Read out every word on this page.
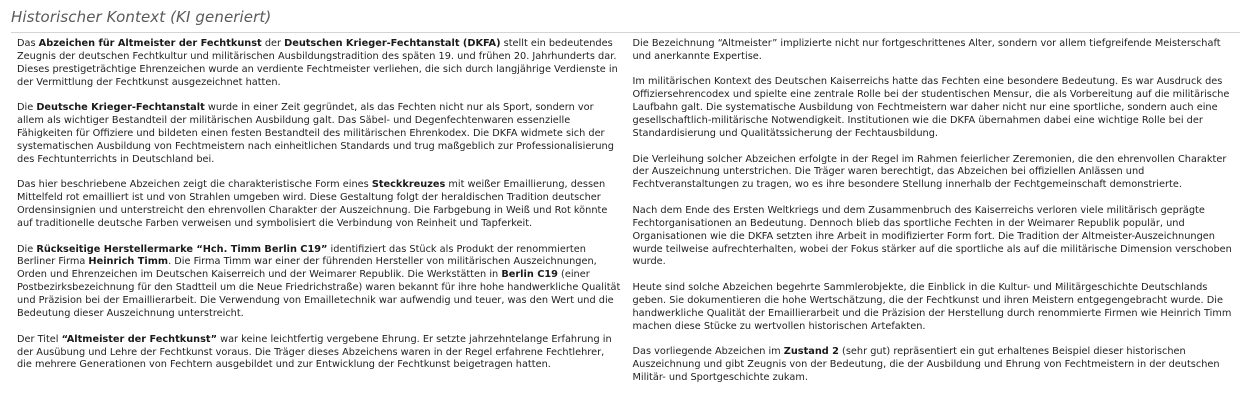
Historischer Kontext (KI generiert)

Das Abzeichen für Altmeister der Fechtkunst der Deutschen Krieger-Fechtanstalt (DKFA) stellt ein bedeutendes Zeugnis der deutschen Fechtkultur und militärischen Ausbildungstradition des späten 19. und frühen 20. Jahrhunderts dar. Dieses prestigeträchtige Ehrenzeichen wurde an verdiente Fechtmeister verliehen, die sich durch langjährige Verdienste in der Vermittlung der Fechtkunst ausgezeichnet hatten.

Die Deutsche Krieger-Fechtanstalt wurde in einer Zeit gegründet, als das Fechten nicht nur als Sport, sondern vor allem als wichtiger Bestandteil der militärischen Ausbildung galt. Das Säbel- und Degenfechtenwaren essenzielle Fähigkeiten für Offiziere und bildeten einen festen Bestandteil des militärischen Ehrenkodex. Die DKFA widmete sich der systematischen Ausbildung von Fechtmeistern nach einheitlichen Standards und trug maßgeblich zur Professionalisierung des Fechtunterrichts in Deutschland bei.

Das hier beschriebene Abzeichen zeigt die charakteristische Form eines Steckkreuzes mit weißer Emaillierung, dessen Mittelfeld rot emailliert ist und von Strahlen umgeben wird. Diese Gestaltung folgt der heraldischen Tradition deutscher Ordensinsignien und unterstreicht den ehrenvollen Charakter der Auszeichnung. Die Farbgebung in Weiß und Rot könnte auf traditionelle deutsche Farben verweisen und symbolisiert die Verbindung von Reinheit und Tapferkeit.

Die Rückseitige Herstellermarke “Hch. Timm Berlin C19” identifiziert das Stück als Produkt der renommierten Berliner Firma Heinrich Timm. Die Firma Timm war einer der führenden Hersteller von militärischen Auszeichnungen, Orden und Ehrenzeichen im Deutschen Kaiserreich und der Weimarer Republik. Die Werkstätten in Berlin C19 (einer Postbezirksbezeichnung für den Stadtteil um die Neue Friedrichstraße) waren bekannt für ihre hohe handwerkliche Qualität und Präzision bei der Emaillierarbeit. Die Verwendung von Emailletechnik war aufwendig und teuer, was den Wert und die Bedeutung dieser Auszeichnung unterstreicht.

Der Titel “Altmeister der Fechtkunst” war keine leichtfertig vergebene Ehrung. Er setzte jahrzehntelange Erfahrung in der Ausübung und Lehre der Fechtkunst voraus. Die Träger dieses Abzeichens waren in der Regel erfahrene Fechtlehrer, die mehrere Generationen von Fechtern ausgebildet und zur Entwicklung der Fechtkunst beigetragen hatten.

Die Bezeichnung “Altmeister” implizierte nicht nur fortgeschrittenes Alter, sondern vor allem tiefgreifende Meisterschaft und anerkannte Expertise.

Im militärischen Kontext des Deutschen Kaiserreichs hatte das Fechten eine besondere Bedeutung. Es war Ausdruck des Offiziersehrencodex und spielte eine zentrale Rolle bei der studentischen Mensur, die als Vorbereitung auf die militärische Laufbahn galt. Die systematische Ausbildung von Fechtmeistern war daher nicht nur eine sportliche, sondern auch eine gesellschaftlich-militärische Notwendigkeit. Institutionen wie die DKFA übernahmen dabei eine wichtige Rolle bei der Standardisierung und Qualitätssicherung der Fechtausbildung.

Die Verleihung solcher Abzeichen erfolgte in der Regel im Rahmen feierlicher Zeremonien, die den ehrenvollen Charakter der Auszeichnung unterstrichen. Die Träger waren berechtigt, das Abzeichen bei offiziellen Anlässen und Fechtveranstaltungen zu tragen, wo es ihre besondere Stellung innerhalb der Fechtgemeinschaft demonstrierte.

Nach dem Ende des Ersten Weltkriegs und dem Zusammenbruch des Kaiserreichs verloren viele militärisch geprägte Fechtorganisationen an Bedeutung. Dennoch blieb das sportliche Fechten in der Weimarer Republik populär, und Organisationen wie die DKFA setzten ihre Arbeit in modifizierter Form fort. Die Tradition der Altmeister-Auszeichnungen wurde teilweise aufrechterhalten, wobei der Fokus stärker auf die sportliche als auf die militärische Dimension verschoben wurde.

Heute sind solche Abzeichen begehrte Sammlerobjekte, die Einblick in die Kultur- und Militärgeschichte Deutschlands geben. Sie dokumentieren die hohe Wertschätzung, die der Fechtkunst und ihren Meistern entgegengebracht wurde. Die handwerkliche Qualität der Emaillierarbeit und die Präzision der Herstellung durch renommierte Firmen wie Heinrich Timm machen diese Stücke zu wertvollen historischen Artefakten.

Das vorliegende Abzeichen im Zustand 2 (sehr gut) repräsentiert ein gut erhaltenes Beispiel dieser historischen Auszeichnung und gibt Zeugnis von der Bedeutung, die der Ausbildung und Ehrung von Fechtmeistern in der deutschen Militär- und Sportgeschichte zukam.
